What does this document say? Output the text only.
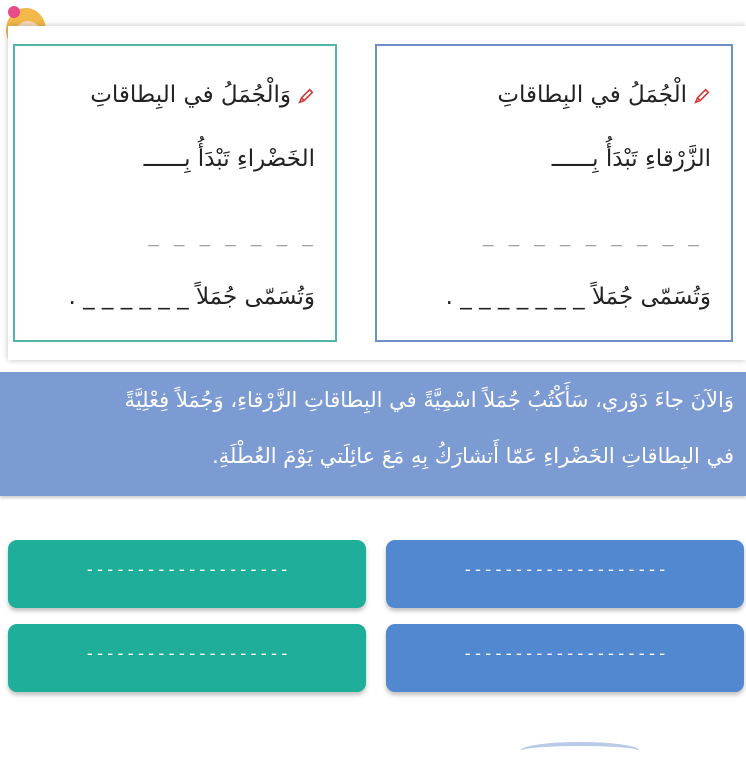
الْجُمَلُ في البِطاقاتِ
الزَّرْقاءِ تَبْدَأُ بِــــــ
_ _ _ _ _ _ _ _ _
وَتُسَمّى جُمَلاً _ _ _ _ _ _ _ .
وَالْجُمَلُ في البِطاقاتِ
الخَضْراءِ تَبْدَأُ بِــــــ
_ _ _ _ _ _ _
وَتُسَمّى جُمَلاً _ _ _ _ _ _ .
وَالآنَ جاءَ دَوْري، سَأَكْتُبُ جُمَلاً اسْمِيَّةً في البِطاقاتِ الزَّرْقاءِ، وَجُمَلاً فِعْلِيَّةً
في البِطاقاتِ الخَضْراءِ عَمّا أَتشارَكُ بِهِ مَعَ عائِلَتي يَوْمَ العُطْلَةِ.
--------------------
--------------------
--------------------
--------------------
